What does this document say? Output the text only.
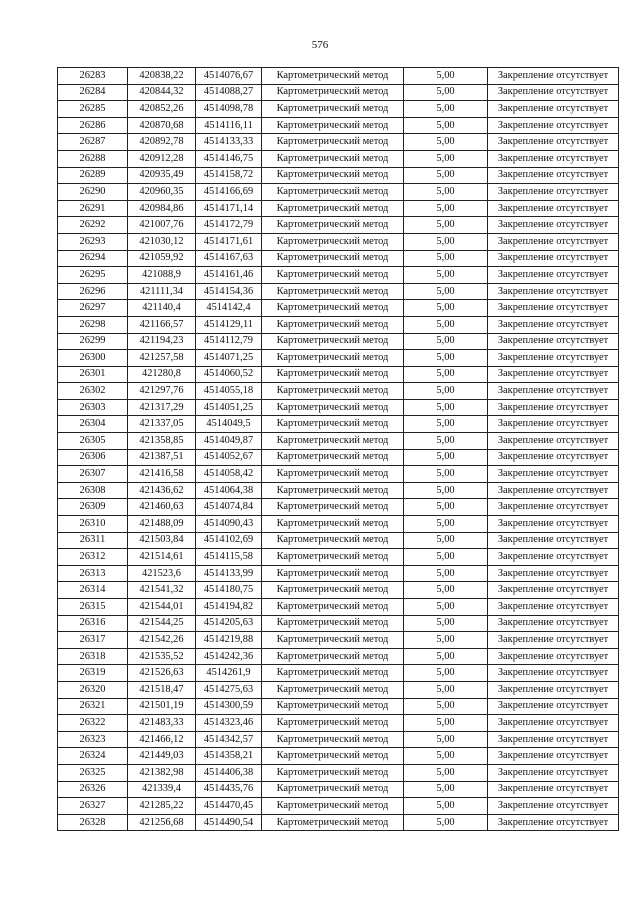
576
26283	420838,22	4514076,67	Картометрический метод	5,00	Закрепление отсутствует
26284	420844,32	4514088,27	Картометрический метод	5,00	Закрепление отсутствует
26285	420852,26	4514098,78	Картометрический метод	5,00	Закрепление отсутствует
26286	420870,68	4514116,11	Картометрический метод	5,00	Закрепление отсутствует
26287	420892,78	4514133,33	Картометрический метод	5,00	Закрепление отсутствует
26288	420912,28	4514146,75	Картометрический метод	5,00	Закрепление отсутствует
26289	420935,49	4514158,72	Картометрический метод	5,00	Закрепление отсутствует
26290	420960,35	4514166,69	Картометрический метод	5,00	Закрепление отсутствует
26291	420984,86	4514171,14	Картометрический метод	5,00	Закрепление отсутствует
26292	421007,76	4514172,79	Картометрический метод	5,00	Закрепление отсутствует
26293	421030,12	4514171,61	Картометрический метод	5,00	Закрепление отсутствует
26294	421059,92	4514167,63	Картометрический метод	5,00	Закрепление отсутствует
26295	421088,9	4514161,46	Картометрический метод	5,00	Закрепление отсутствует
26296	421111,34	4514154,36	Картометрический метод	5,00	Закрепление отсутствует
26297	421140,4	4514142,4	Картометрический метод	5,00	Закрепление отсутствует
26298	421166,57	4514129,11	Картометрический метод	5,00	Закрепление отсутствует
26299	421194,23	4514112,79	Картометрический метод	5,00	Закрепление отсутствует
26300	421257,58	4514071,25	Картометрический метод	5,00	Закрепление отсутствует
26301	421280,8	4514060,52	Картометрический метод	5,00	Закрепление отсутствует
26302	421297,76	4514055,18	Картометрический метод	5,00	Закрепление отсутствует
26303	421317,29	4514051,25	Картометрический метод	5,00	Закрепление отсутствует
26304	421337,05	4514049,5	Картометрический метод	5,00	Закрепление отсутствует
26305	421358,85	4514049,87	Картометрический метод	5,00	Закрепление отсутствует
26306	421387,51	4514052,67	Картометрический метод	5,00	Закрепление отсутствует
26307	421416,58	4514058,42	Картометрический метод	5,00	Закрепление отсутствует
26308	421436,62	4514064,38	Картометрический метод	5,00	Закрепление отсутствует
26309	421460,63	4514074,84	Картометрический метод	5,00	Закрепление отсутствует
26310	421488,09	4514090,43	Картометрический метод	5,00	Закрепление отсутствует
26311	421503,84	4514102,69	Картометрический метод	5,00	Закрепление отсутствует
26312	421514,61	4514115,58	Картометрический метод	5,00	Закрепление отсутствует
26313	421523,6	4514133,99	Картометрический метод	5,00	Закрепление отсутствует
26314	421541,32	4514180,75	Картометрический метод	5,00	Закрепление отсутствует
26315	421544,01	4514194,82	Картометрический метод	5,00	Закрепление отсутствует
26316	421544,25	4514205,63	Картометрический метод	5,00	Закрепление отсутствует
26317	421542,26	4514219,88	Картометрический метод	5,00	Закрепление отсутствует
26318	421535,52	4514242,36	Картометрический метод	5,00	Закрепление отсутствует
26319	421526,63	4514261,9	Картометрический метод	5,00	Закрепление отсутствует
26320	421518,47	4514275,63	Картометрический метод	5,00	Закрепление отсутствует
26321	421501,19	4514300,59	Картометрический метод	5,00	Закрепление отсутствует
26322	421483,33	4514323,46	Картометрический метод	5,00	Закрепление отсутствует
26323	421466,12	4514342,57	Картометрический метод	5,00	Закрепление отсутствует
26324	421449,03	4514358,21	Картометрический метод	5,00	Закрепление отсутствует
26325	421382,98	4514406,38	Картометрический метод	5,00	Закрепление отсутствует
26326	421339,4	4514435,76	Картометрический метод	5,00	Закрепление отсутствует
26327	421285,22	4514470,45	Картометрический метод	5,00	Закрепление отсутствует
26328	421256,68	4514490,54	Картометрический метод	5,00	Закрепление отсутствует
